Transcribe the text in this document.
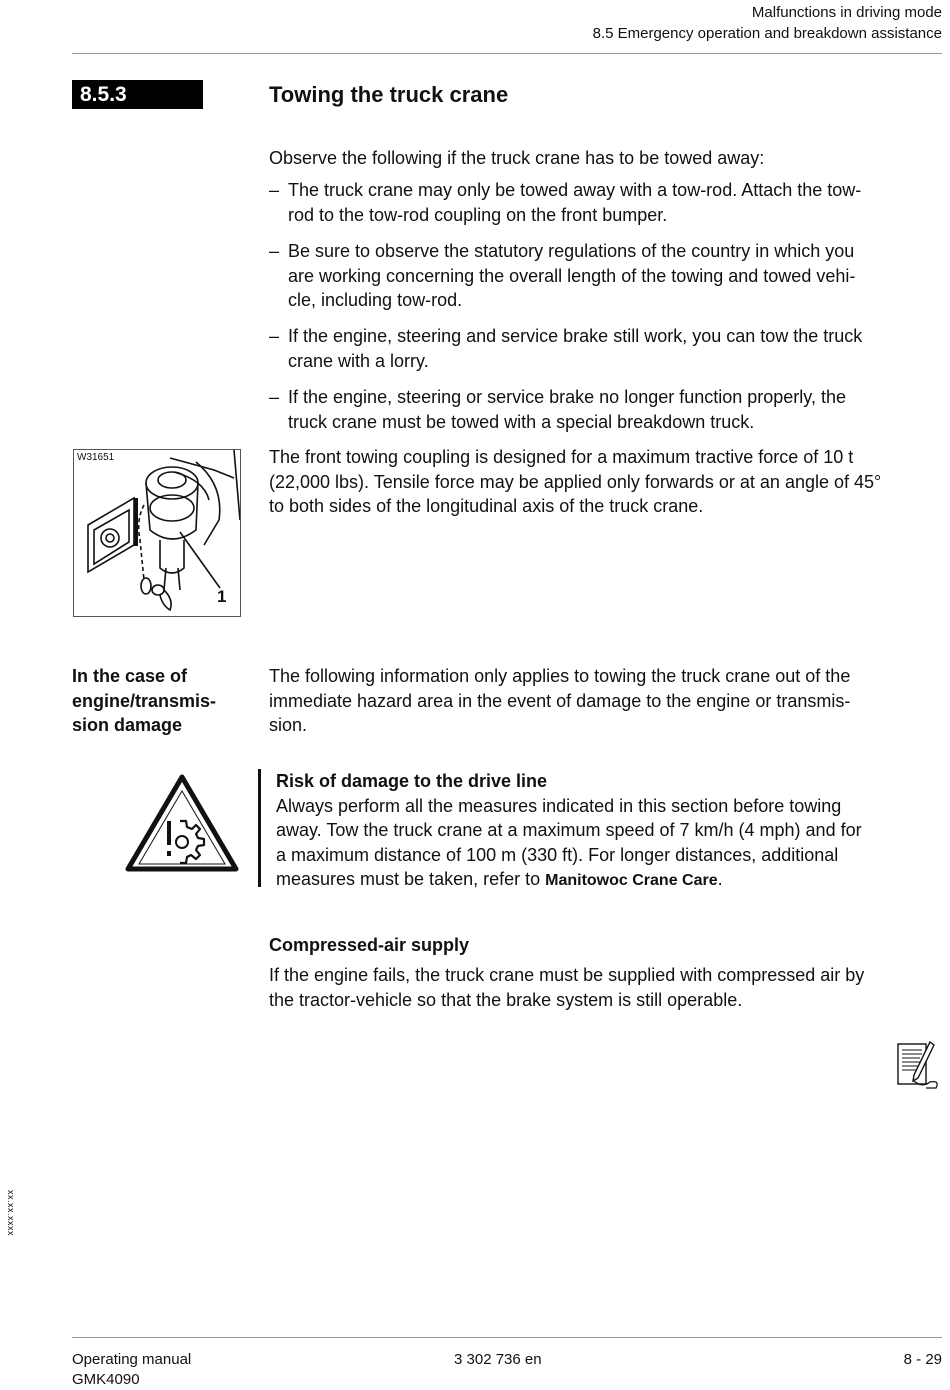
Malfunctions in driving mode
8.5 Emergency operation and breakdown assistance
8.5.3	Towing the truck crane
Observe the following if the truck crane has to be towed away:
– The truck crane may only be towed away with a tow-rod. Attach the tow-
rod to the tow-rod coupling on the front bumper.
– Be sure to observe the statutory regulations of the country in which you
are working concerning the overall length of the towing and towed vehi-
cle, including tow-rod.
– If the engine, steering and service brake still work, you can tow the truck
crane with a lorry.
– If the engine, steering or service brake no longer function properly, the
truck crane must be towed with a special breakdown truck.
W31651
1
The front towing coupling is designed for a maximum tractive force of 10 t
(22,000 lbs). Tensile force may be applied only forwards or at an angle of 45°
to both sides of the longitudinal axis of the truck crane.
In the case of
engine/transmis-
sion damage
The following information only applies to towing the truck crane out of the
immediate hazard area in the event of damage to the engine or transmis-
sion.
Risk of damage to the drive line
Always perform all the measures indicated in this section before towing
away. Tow the truck crane at a maximum speed of 7 km/h (4 mph) and for
a maximum distance of 100 m (330 ft). For longer distances, additional
measures must be taken, refer to Manitowoc Crane Care.
Compressed-air supply
If the engine fails, the truck crane must be supplied with compressed air by
the tractor-vehicle so that the brake system is still operable.
xx.xx.xxxx
Operating manual
GMK4090
3 302 736 en	8 - 29
